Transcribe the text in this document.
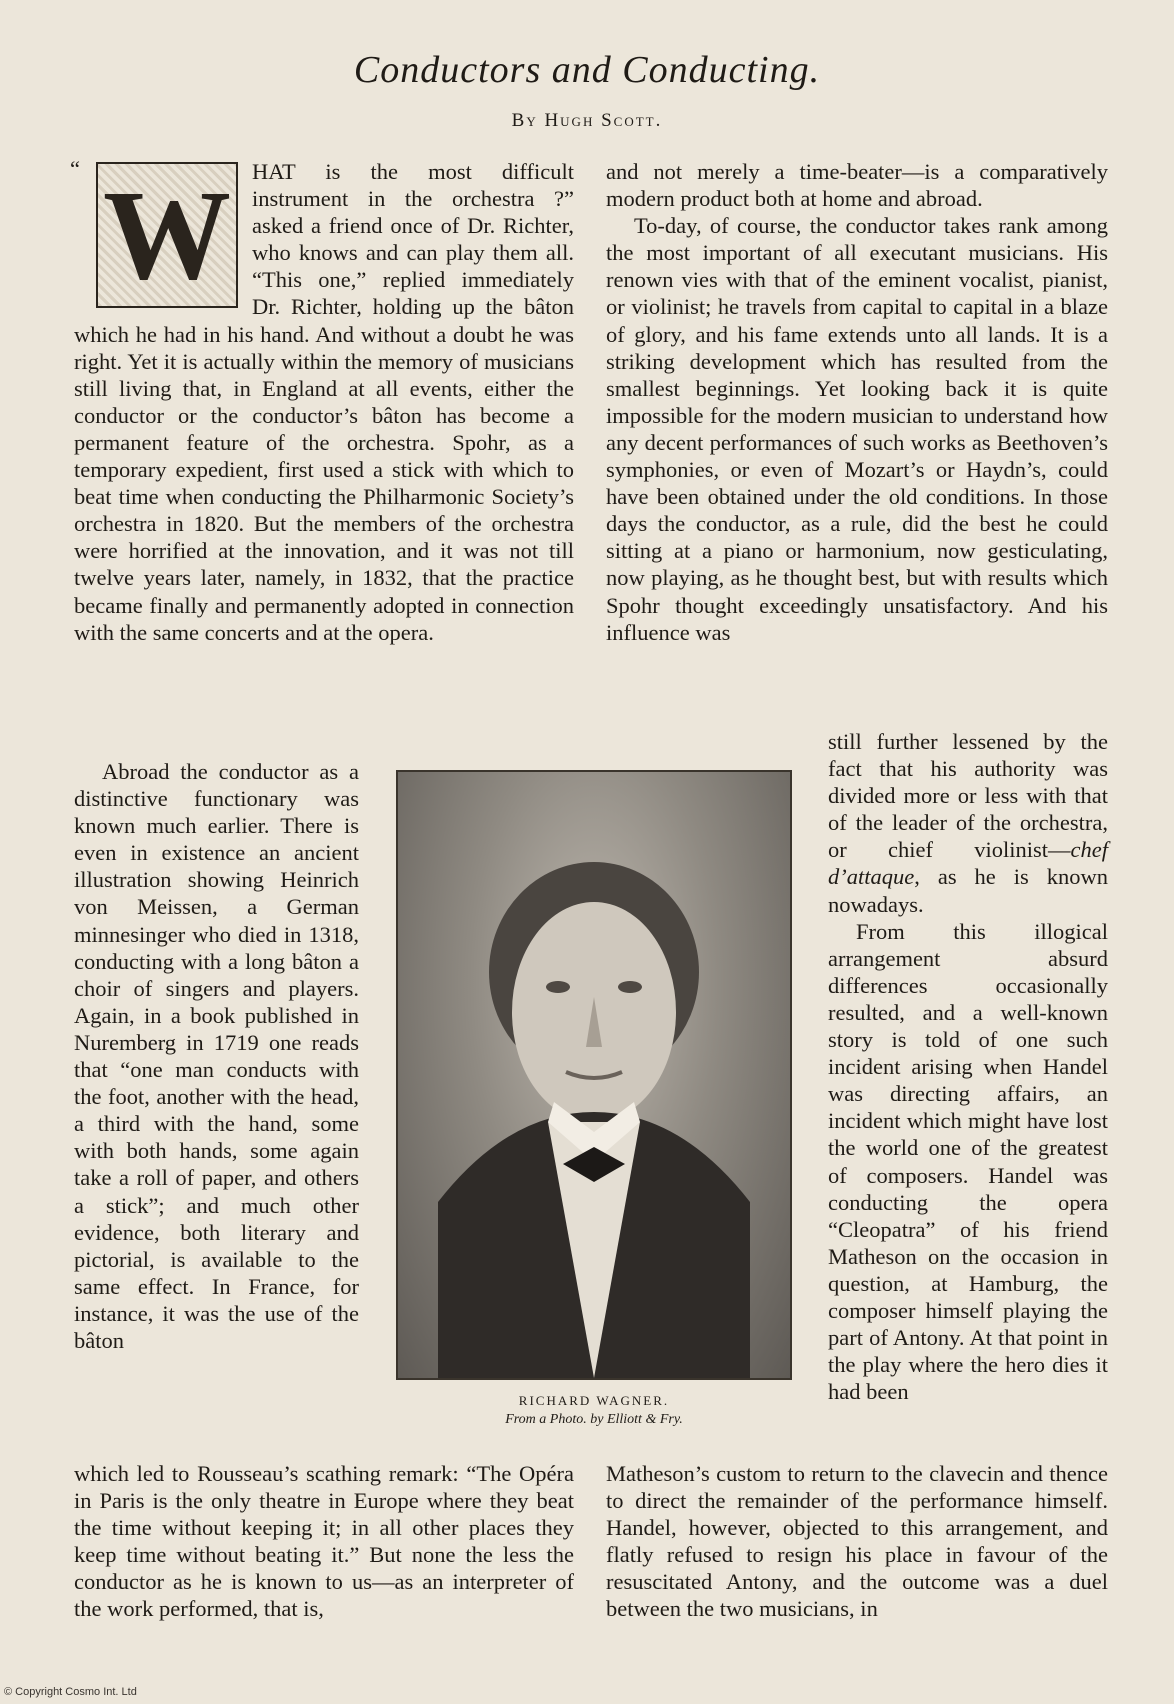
Conductors and Conducting.
By Hugh Scott.
“ W HAT is the most difficult instrument in the orchestra ?” asked a friend once of Dr. Richter, who knows and can play them all. “This one,” replied immediately Dr. Richter, holding up the bâton which he had in his hand. And without a doubt he was right. Yet it is actually within the memory of musicians still living that, in England at all events, either the conductor or the conductor’s bâton has become a permanent feature of the orchestra. Spohr, as a temporary expedient, first used a stick with which to beat time when conducting the Philharmonic Society’s orchestra in 1820. But the members of the orchestra were horrified at the innovation, and it was not till twelve years later, namely, in 1832, that the practice became finally and permanently adopted in connection with the same concerts and at the opera.

Abroad the conductor as a distinctive functionary was known much earlier. There is even in existence an ancient illustration showing Heinrich von Meissen, a German minnesinger who died in 1318, conducting with a long bâton a choir of singers and players. Again, in a book published in Nuremberg in 1719 one reads that “one man conducts with the foot, another with the head, a third with the hand, some with both hands, some again take a roll of paper, and others a stick”; and much other evidence, both literary and pictorial, is available to the same effect. In France, for instance, it was the use of the bâton

which led to Rousseau’s scathing remark: “The Opéra in Paris is the only theatre in Europe where they beat the time without keeping it; in all other places they keep time without beating it.” But none the less the conductor as he is known to us—as an interpreter of the work performed, that is,

and not merely a time-beater—is a comparatively modern product both at home and abroad.

To-day, of course, the conductor takes rank among the most important of all executant musicians. His renown vies with that of the eminent vocalist, pianist, or violinist; he travels from capital to capital in a blaze of glory, and his fame extends unto all lands. It is a striking development which has resulted from the smallest beginnings. Yet looking back it is quite impossible for the modern musician to understand how any decent performances of such works as Beethoven’s symphonies, or even of Mozart’s or Haydn’s, could have been obtained under the old conditions. In those days the conductor, as a rule, did the best he could sitting at a piano or harmonium, now gesticulating, now playing, as he thought best, but with results which Spohr thought exceedingly unsatisfactory. And his influence was

still further lessened by the fact that his authority was divided more or less with that of the leader of the orchestra, or chief violinist—chef d’attaque, as he is known nowadays.

From this illogical arrangement absurd differences occasionally resulted, and a well-known story is told of one such incident arising when Handel was directing affairs, an incident which might have lost the world one of the greatest of composers. Handel was conducting the opera “Cleopatra” of his friend Matheson on the occasion in question, at Hamburg, the composer himself playing the part of Antony. At that point in the play where the hero dies it had been

Matheson’s custom to return to the clavecin and thence to direct the remainder of the performance himself. Handel, however, objected to this arrangement, and flatly refused to resign his place in favour of the resuscitated Antony, and the outcome was a duel between the two musicians, in

RICHARD WAGNER.
From a Photo. by Elliott & Fry.
© Copyright Cosmo Int. Ltd
